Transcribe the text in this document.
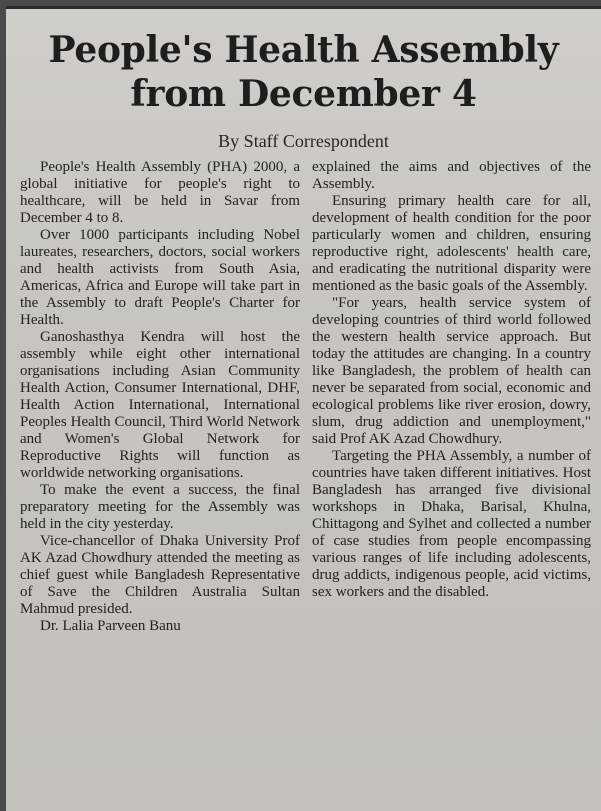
People's Health Assembly
from December 4
By Staff Correspondent

People's Health Assembly (PHA) 2000, a global initiative for people's right to healthcare, will be held in Savar from December 4 to 8.

Over 1000 participants including Nobel laureates, researchers, doctors, social workers and health activists from South Asia, Americas, Africa and Europe will take part in the Assembly to draft People's Charter for Health.

Ganoshasthya Kendra will host the assembly while eight other international organisations including Asian Community Health Action, Consumer International, DHF, Health Action International, International Peoples Health Council, Third World Network and Women's Global Network for Reproductive Rights will function as worldwide networking organisations.

To make the event a success, the final preparatory meeting for the Assembly was held in the city yesterday.

Vice-chancellor of Dhaka University Prof AK Azad Chowdhury attended the meeting as chief guest while Bangladesh Representative of Save the Children Australia Sultan Mahmud presided.

Dr. Lalia Parveen Banu

explained the aims and objectives of the Assembly.

Ensuring primary health care for all, development of health condition for the poor particularly women and children, ensuring reproductive right, adolescents' health care, and eradicating the nutritional disparity were mentioned as the basic goals of the Assembly.

"For years, health service system of developing countries of third world followed the western health service approach. But today the attitudes are changing. In a country like Bangladesh, the problem of health can never be separated from social, economic and ecological problems like river erosion, dowry, slum, drug addiction and unemployment," said Prof AK Azad Chowdhury.

Targeting the PHA Assembly, a number of countries have taken different initiatives. Host Bangladesh has arranged five divisional workshops in Dhaka, Barisal, Khulna, Chittagong and Sylhet and collected a number of case studies from people encompassing various ranges of life including adolescents, drug addicts, indigenous people, acid victims, sex workers and the disabled.
